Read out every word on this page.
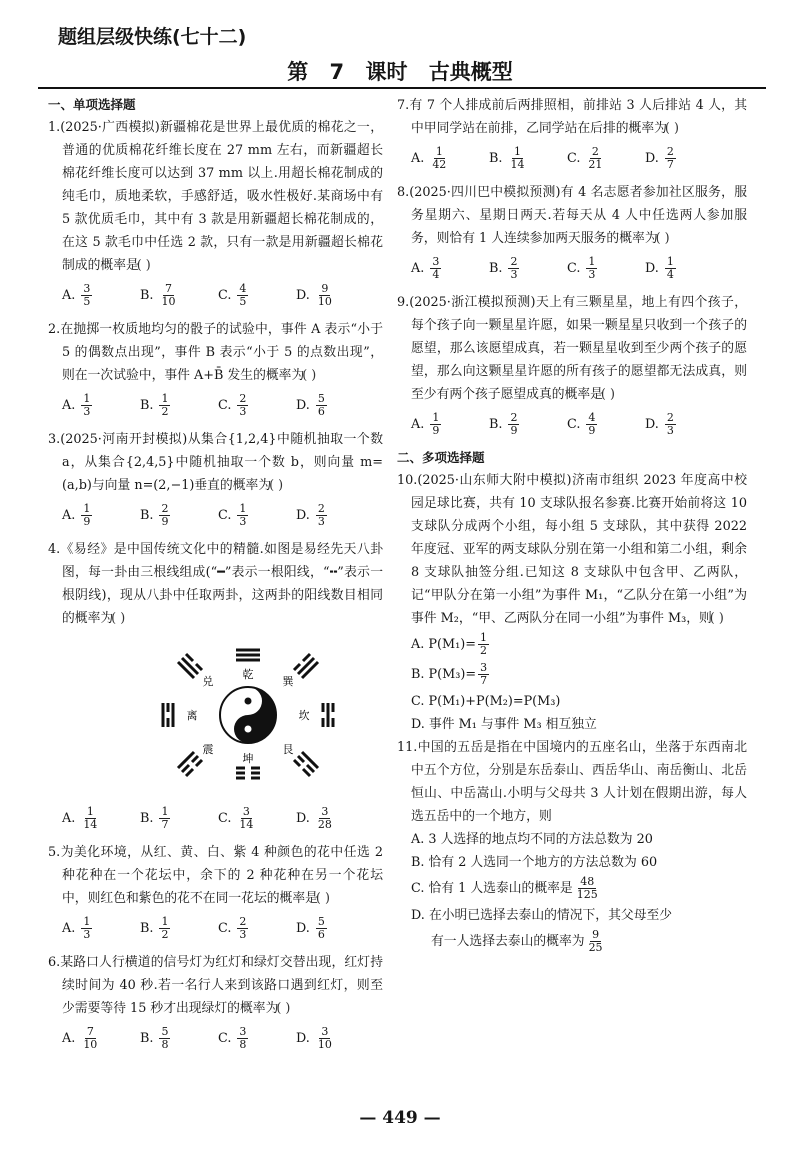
题组层级快练(七十二)
第 7 课时 古典概型
一、单项选择题
1.(2025·广西模拟)新疆棉花是世界上最优质的棉花之一，普通的优质棉花纤维长度在 27 mm 左右，而新疆超长棉花纤维长度可以达到 37 mm 以上.用超长棉花制成的纯毛巾，质地柔软，手感舒适，吸水性极好.某商场中有 5 款优质毛巾，其中有 3 款是用新疆超长棉花制成的，在这 5 款毛巾中任选 2 款，只有一款是用新疆超长棉花制成的概率是( )
A. $\frac{3}{5}$	B. $\frac{7}{10}$	C. $\frac{4}{5}$	D. $\frac{9}{10}$
2.在抛掷一枚质地均匀的骰子的试验中，事件 A 表示“小于 5 的偶数点出现”，事件 B 表示“小于 5 的点数出现”，则在一次试验中，事件 A+B̄ 发生的概率为( )
A. $\frac{1}{3}$	B. $\frac{1}{2}$	C. $\frac{2}{3}$	D. $\frac{5}{6}$
3.(2025·河南开封模拟)从集合{1,2,4}中随机抽取一个数 a，从集合{2,4,5}中随机抽取一个数 b，则向量 m=(a,b)与向量 n=(2,−1)垂直的概率为( )
A. $\frac{1}{9}$	B. $\frac{2}{9}$	C. $\frac{1}{3}$	D. $\frac{2}{3}$
4.《易经》是中国传统文化中的精髓.如图是易经先天八卦图，每一卦由三根线组成(“━”表示一根阳线，“╍”表示一根阴线)，现从八卦中任取两卦，这两卦的阳线数目相同的概率为( )
乾
坤
离	坎
兑	巽
震	艮
A. $\frac{1}{14}$	B. $\frac{1}{7}$	C. $\frac{3}{14}$	D. $\frac{3}{28}$
5.为美化环境，从红、黄、白、紫 4 种颜色的花中任选 2 种花种在一个花坛中，余下的 2 种花种在另一个花坛中，则红色和紫色的花不在同一花坛的概率是( )
A. $\frac{1}{3}$	B. $\frac{1}{2}$	C. $\frac{2}{3}$	D. $\frac{5}{6}$
6.某路口人行横道的信号灯为红灯和绿灯交替出现，红灯持续时间为 40 秒.若一名行人来到该路口遇到红灯，则至少需要等待 15 秒才出现绿灯的概率为( )
A. $\frac{7}{10}$	B. $\frac{5}{8}$	C. $\frac{3}{8}$	D. $\frac{3}{10}$
7.有 7 个人排成前后两排照相，前排站 3 人后排站 4 人，其中甲同学站在前排，乙同学站在后排的概率为( )
A. $\frac{1}{42}$	B. $\frac{1}{14}$	C. $\frac{2}{21}$	D. $\frac{2}{7}$
8.(2025·四川巴中模拟预测)有 4 名志愿者参加社区服务，服务星期六、星期日两天.若每天从 4 人中任选两人参加服务，则恰有 1 人连续参加两天服务的概率为( )
A. $\frac{3}{4}$	B. $\frac{2}{3}$	C. $\frac{1}{3}$	D. $\frac{1}{4}$
9.(2025·浙江模拟预测)天上有三颗星星，地上有四个孩子，每个孩子向一颗星星许愿，如果一颗星星只收到一个孩子的愿望，那么该愿望成真，若一颗星星收到至少两个孩子的愿望，那么向这颗星星许愿的所有孩子的愿望都无法成真，则至少有两个孩子愿望成真的概率是( )
A. $\frac{1}{9}$	B. $\frac{2}{9}$	C. $\frac{4}{9}$	D. $\frac{2}{3}$
二、多项选择题
10.(2025·山东师大附中模拟)济南市组织 2023 年度高中校园足球比赛，共有 10 支球队报名参赛.比赛开始前将这 10 支球队分成两个小组，每小组 5 支球队，其中获得 2022 年度冠、亚军的两支球队分别在第一小组和第二小组，剩余 8 支球队抽签分组.已知这 8 支球队中包含甲、乙两队，记“甲队分在第一小组”为事件 M₁，“乙队分在第一小组”为事件 M₂，“甲、乙两队分在同一小组”为事件 M₃，则( )
A. $P(M_1)= \frac{1}{2}$
B. $P(M_3)= \frac{3}{7}$
C. P(M₁)+P(M₂)=P(M₃)
D. 事件 M₁ 与事件 M₃ 相互独立
11.中国的五岳是指在中国境内的五座名山，坐落于东西南北中五个方位，分别是东岳泰山、西岳华山、南岳衡山、北岳恒山、中岳嵩山.小明与父母共 3 人计划在假期出游，每人选五岳中的一个地方，则
A. 3 人选择的地点均不同的方法总数为 20
B. 恰有 2 人选同一个地方的方法总数为 60
C. 恰有 1 人选泰山的概率是 $\frac{48}{125}$
D. 在小明已选择去泰山的情况下，其父母至少
有一人选择去泰山的概率为 $\frac{9}{25}$
— 449 —
